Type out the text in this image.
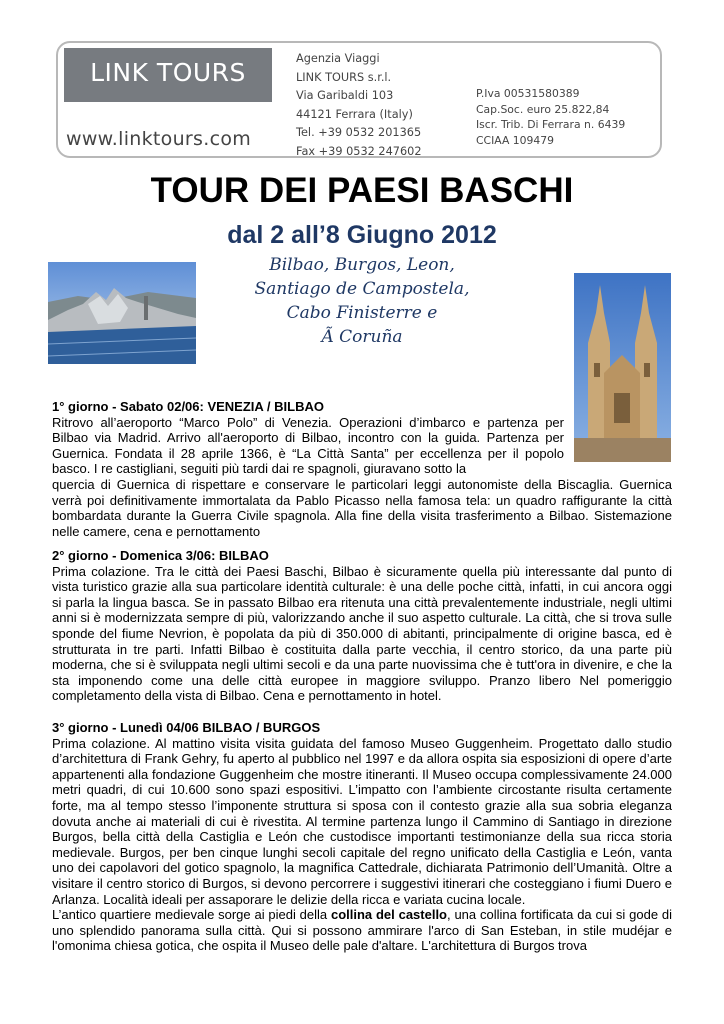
LINK TOURS
www.linktours.com
Agenzia Viaggi
LINK TOURS s.r.l.
Via Garibaldi 103
44121 Ferrara (Italy)
Tel. +39 0532 201365
Fax +39 0532 247602
P.Iva 00531580389
Cap.Soc. euro 25.822,84
Iscr. Trib. Di Ferrara n. 6439
CCIAA 109479
TOUR DEI PAESI BASCHI
dal 2 all’8 Giugno 2012
Bilbao, Burgos, Leon,
Santiago de Campostela,
Cabo Finisterre e
Ã Coruña
1° giorno - Sabato 02/06: VENEZIA / BILBAO
Ritrovo all’aeroporto “Marco Polo” di Venezia. Operazioni d’imbarco e partenza per Bilbao via Madrid. Arrivo all'aeroporto di Bilbao, incontro con la guida. Partenza per Guernica. Fondata il 28 aprile 1366, è “La Città Santa” per eccellenza per il popolo basco. I re castigliani, seguiti più tardi dai re spagnoli, giuravano sotto la
quercia di Guernica di rispettare e conservare le particolari leggi autonomiste della Biscaglia. Guernica verrà poi definitivamente immortalata da Pablo Picasso nella famosa tela: un quadro raffigurante la città bombardata durante la Guerra Civile spagnola. Alla fine della visita trasferimento a Bilbao. Sistemazione nelle camere, cena e pernottamento
2° giorno - Domenica 3/06: BILBAO
Prima colazione. Tra le città dei Paesi Baschi, Bilbao è sicuramente quella più interessante dal punto di vista turistico grazie alla sua particolare identità culturale: è una delle poche città, infatti, in cui ancora oggi si parla la lingua basca. Se in passato Bilbao era ritenuta una città prevalentemente industriale, negli ultimi anni si è modernizzata sempre di più, valorizzando anche il suo aspetto culturale. La città, che si trova sulle sponde del fiume Nevrion, è popolata da più di 350.000 di abitanti, principalmente di origine basca, ed è strutturata in tre parti. Infatti Bilbao è costituita dalla parte vecchia, il centro storico, da una parte più moderna, che si è sviluppata negli ultimi secoli e da una parte nuovissima che è tutt'ora in divenire, e che la sta imponendo come una delle città europee in maggiore sviluppo. Pranzo libero Nel pomeriggio completamento della vista di Bilbao. Cena e pernottamento in hotel.
3° giorno - Lunedì 04/06 BILBAO / BURGOS
Prima colazione. Al mattino visita visita guidata del famoso Museo Guggenheim. Progettato dallo studio d’architettura di Frank Gehry, fu aperto al pubblico nel 1997 e da allora ospita sia esposizioni di opere d’arte appartenenti alla fondazione Guggenheim che mostre itineranti. Il Museo occupa complessivamente 24.000 metri quadri, di cui 10.600 sono spazi espositivi. L’impatto con l’ambiente circostante risulta certamente forte, ma al tempo stesso l’imponente struttura si sposa con il contesto grazie alla sua sobria eleganza dovuta anche ai materiali di cui è rivestita. Al termine partenza lungo il Cammino di Santiago in direzione Burgos, bella città della Castiglia e León che custodisce importanti testimonianze della sua ricca storia medievale. Burgos, per ben cinque lunghi secoli capitale del regno unificato della Castiglia e León, vanta uno dei capolavori del gotico spagnolo, la magnifica Cattedrale, dichiarata Patrimonio dell’Umanità. Oltre a visitare il centro storico di Burgos, si devono percorrere i suggestivi itinerari che costeggiano i fiumi Duero e Arlanza. Località ideali per assaporare le delizie della ricca e variata cucina locale.
L’antico quartiere medievale sorge ai piedi della collina del castello, una collina fortificata da cui si gode di uno splendido panorama sulla città. Qui si possono ammirare l'arco di San Esteban, in stile mudéjar e l'omonima chiesa gotica, che ospita il Museo delle pale d'altare. L'architettura di Burgos trova
